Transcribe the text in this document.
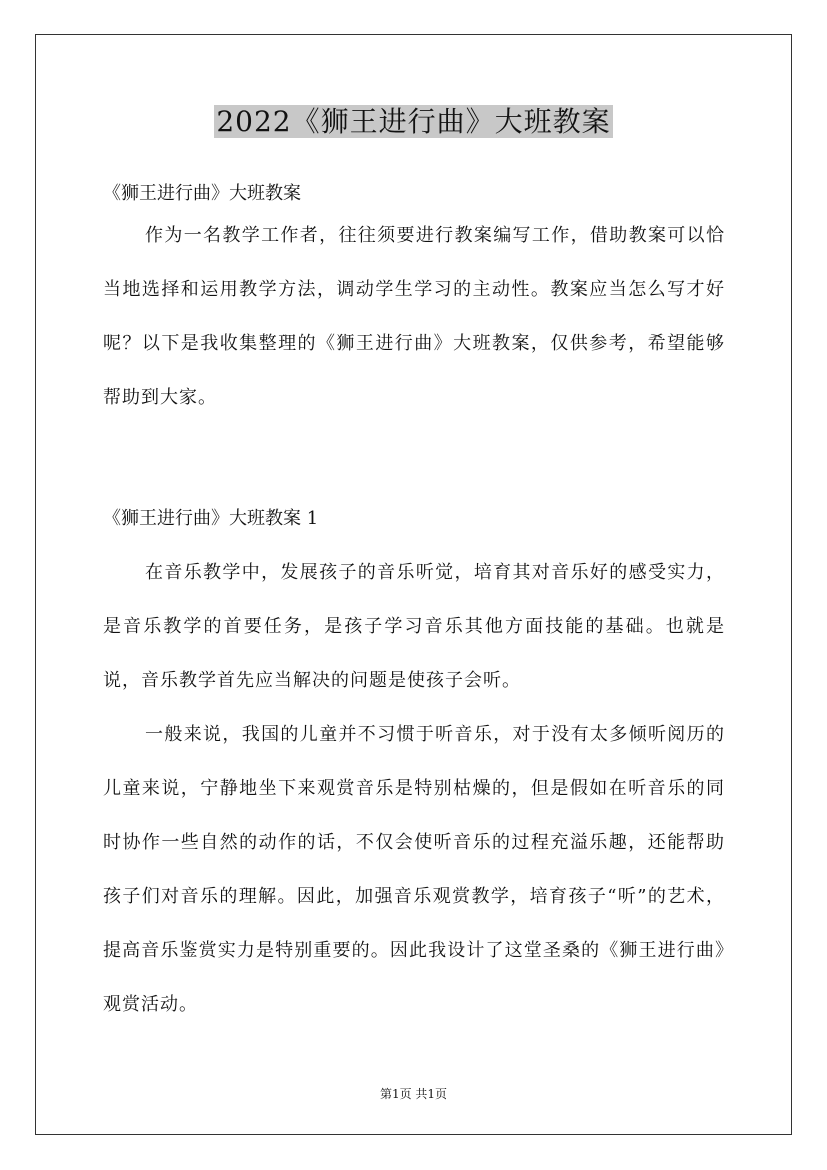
2022《狮王进行曲》大班教案
《狮王进行曲》大班教案

作为一名教学工作者，往往须要进行教案编写工作，借助教案可以恰当地选择和运用教学方法，调动学生学习的主动性。教案应当怎么写才好呢？以下是我收集整理的《狮王进行曲》大班教案，仅供参考，希望能够帮助到大家。

《狮王进行曲》大班教案 1

在音乐教学中，发展孩子的音乐听觉，培育其对音乐好的感受实力，是音乐教学的首要任务，是孩子学习音乐其他方面技能的基础。也就是说，音乐教学首先应当解决的问题是使孩子会听。

一般来说，我国的儿童并不习惯于听音乐，对于没有太多倾听阅历的儿童来说，宁静地坐下来观赏音乐是特别枯燥的，但是假如在听音乐的同时协作一些自然的动作的话，不仅会使听音乐的过程充溢乐趣，还能帮助孩子们对音乐的理解。因此，加强音乐观赏教学，培育孩子“听”的艺术，提高音乐鉴赏实力是特别重要的。因此我设计了这堂圣桑的《狮王进行曲》观赏活动。

第1页 共1页
